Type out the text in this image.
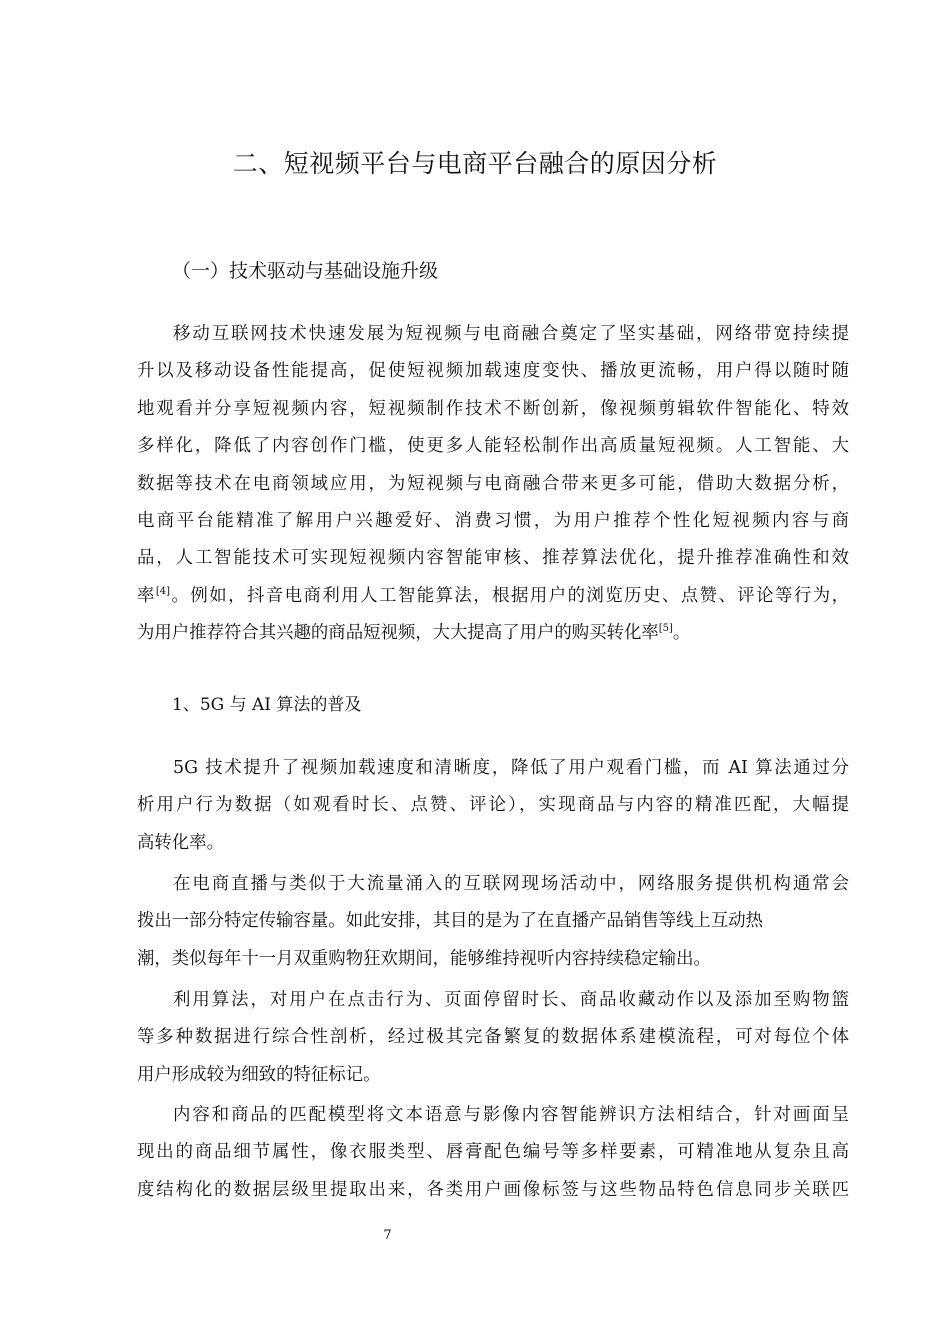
二、短视频平台与电商平台融合的原因分析
（一）技术驱动与基础设施升级
移动互联网技术快速发展为短视频与电商融合奠定了坚实基础，网络带宽持续提
升以及移动设备性能提高，促使短视频加载速度变快、播放更流畅，用户得以随时随
地观看并分享短视频内容，短视频制作技术不断创新，像视频剪辑软件智能化、特效
多样化，降低了内容创作门槛，使更多人能轻松制作出高质量短视频。人工智能、大
数据等技术在电商领域应用，为短视频与电商融合带来更多可能，借助大数据分析，
电商平台能精准了解用户兴趣爱好、消费习惯，为用户推荐个性化短视频内容与商
品，人工智能技术可实现短视频内容智能审核、推荐算法优化，提升推荐准确性和效
率[4]。例如，抖音电商利用人工智能算法，根据用户的浏览历史、点赞、评论等行为，
为用户推荐符合其兴趣的商品短视频，大大提高了用户的购买转化率[5]。
1、5G 与 AI 算法的普及
5G 技术提升了视频加载速度和清晰度，降低了用户观看门槛，而 AI 算法通过分
析用户行为数据（如观看时长、点赞、评论），实现商品与内容的精准匹配，大幅提
高转化率。
在电商直播与类似于大流量涌入的互联网现场活动中，网络服务提供机构通常会
拨出一部分特定传输容量。如此安排，其目的是为了在直播产品销售等线上互动热
潮，类似每年十一月双重购物狂欢期间，能够维持视听内容持续稳定输出。
利用算法，对用户在点击行为、页面停留时长、商品收藏动作以及添加至购物篮
等多种数据进行综合性剖析，经过极其完备繁复的数据体系建模流程，可对每位个体
用户形成较为细致的特征标记。
内容和商品的匹配模型将文本语意与影像内容智能辨识方法相结合，针对画面呈
现出的商品细节属性，像衣服类型、唇膏配色编号等多样要素，可精准地从复杂且高
度结构化的数据层级里提取出来，各类用户画像标签与这些物品特色信息同步关联匹
7
